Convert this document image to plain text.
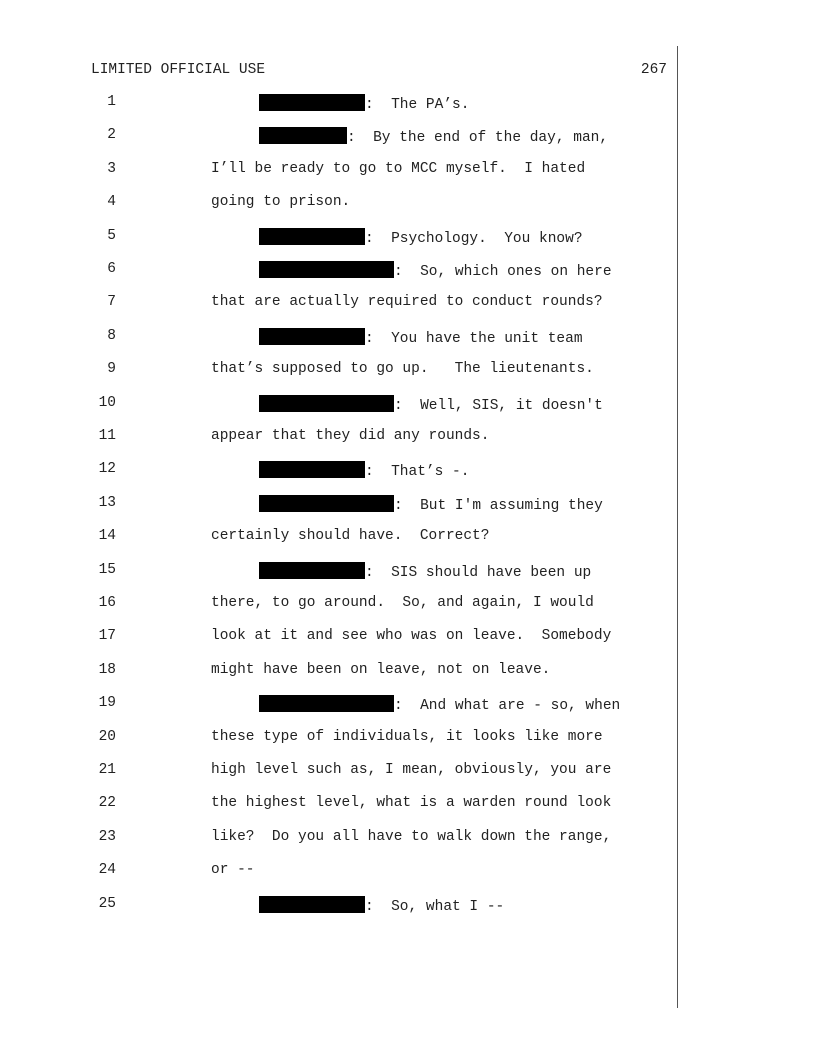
LIMITED OFFICIAL USE	267
1	:  The PA’s.
2	:  By the end of the day, man,
3	I’ll be ready to go to MCC myself.  I hated
4	going to prison.
5	:  Psychology.  You know?
6	:  So, which ones on here
7	that are actually required to conduct rounds?
8	:  You have the unit team
9	that’s supposed to go up.   The lieutenants.
10	:  Well, SIS, it doesn't
11	appear that they did any rounds.
12	:  That’s -.
13	:  But I'm assuming they
14	certainly should have.  Correct?
15	:  SIS should have been up
16	there, to go around.  So, and again, I would
17	look at it and see who was on leave.  Somebody
18	might have been on leave, not on leave.
19	:  And what are - so, when
20	these type of individuals, it looks like more
21	high level such as, I mean, obviously, you are
22	the highest level, what is a warden round look
23	like?  Do you all have to walk down the range,
24	or --
25	:  So, what I --
